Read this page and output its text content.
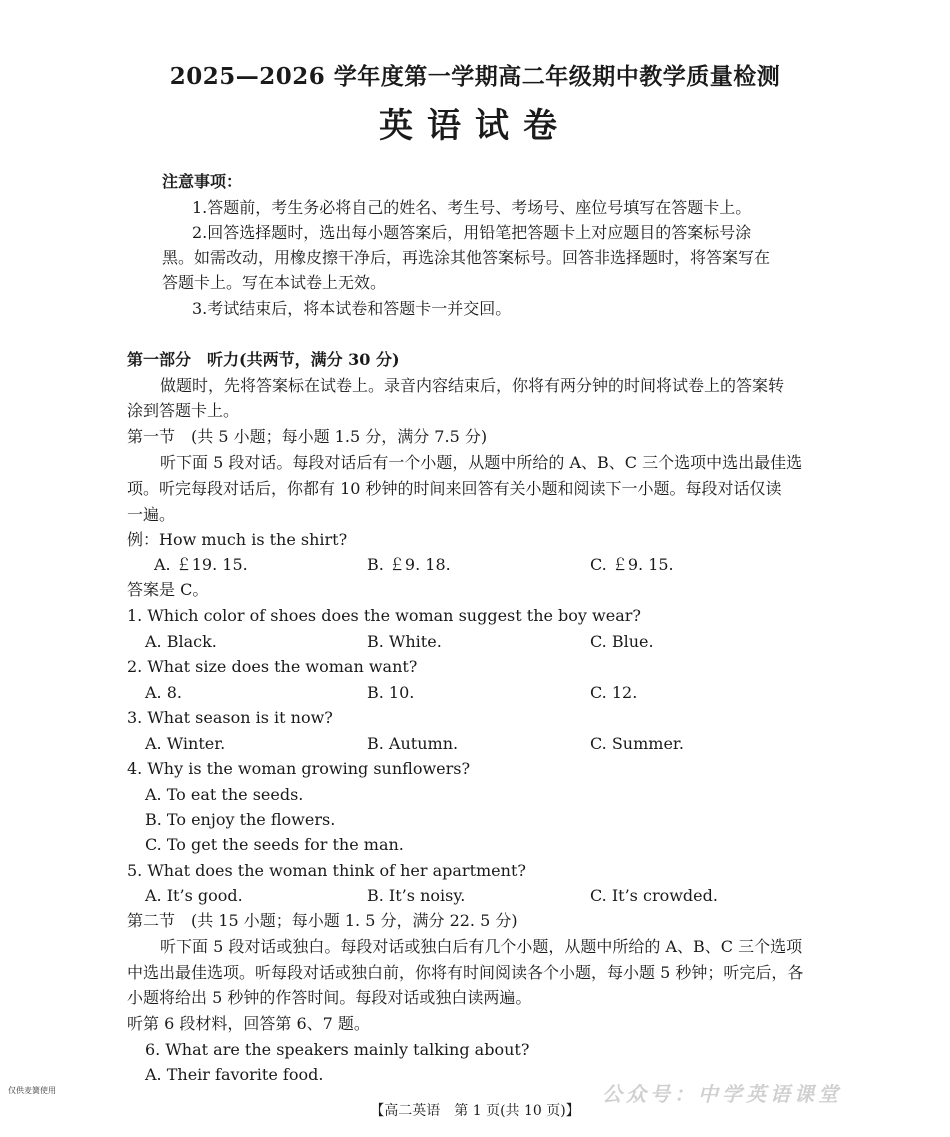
2025—2026 学年度第一学期高二年级期中教学质量检测
英语试卷
注意事项：
1.答题前，考生务必将自己的姓名、考生号、考场号、座位号填写在答题卡上。
2.回答选择题时，选出每小题答案后，用铅笔把答题卡上对应题目的答案标号涂
黑。如需改动，用橡皮擦干净后，再选涂其他答案标号。回答非选择题时，将答案写在
答题卡上。写在本试卷上无效。
3.考试结束后，将本试卷和答题卡一并交回。
第一部分　听力(共两节，满分 30 分)
做题时，先将答案标在试卷上。录音内容结束后，你将有两分钟的时间将试卷上的答案转
涂到答题卡上。
第一节　(共 5 小题；每小题 1.5 分，满分 7.5 分)
听下面 5 段对话。每段对话后有一个小题，从题中所给的 A、B、C 三个选项中选出最佳选
项。听完每段对话后，你都有 10 秒钟的时间来回答有关小题和阅读下一小题。每段对话仅读
一遍。
例：How much is the shirt?
A. ￡19. 15.	B. ￡9. 18.	C. ￡9. 15.
答案是 C。
1. Which color of shoes does the woman suggest the boy wear?
A. Black.	B. White.	C. Blue.
2. What size does the woman want?
A. 8.	B. 10.	C. 12.
3. What season is it now?
A. Winter.	B. Autumn.	C. Summer.
4. Why is the woman growing sunflowers?
A. To eat the seeds.
B. To enjoy the flowers.
C. To get the seeds for the man.
5. What does the woman think of her apartment?
A. It’s good.	B. It’s noisy.	C. It’s crowded.
第二节　(共 15 小题；每小题 1. 5 分，满分 22. 5 分)
听下面 5 段对话或独白。每段对话或独白后有几个小题，从题中所给的 A、B、C 三个选项
中选出最佳选项。听每段对话或独白前，你将有时间阅读各个小题，每小题 5 秒钟；听完后，各
小题将给出 5 秒钟的作答时间。每段对话或独白读两遍。
听第 6 段材料，回答第 6、7 题。
6. What are the speakers mainly talking about?
A. Their favorite food.
仅供麦簧使用	公众号：中学英语课堂
【高二英语　第 1 页(共 10 页)】
